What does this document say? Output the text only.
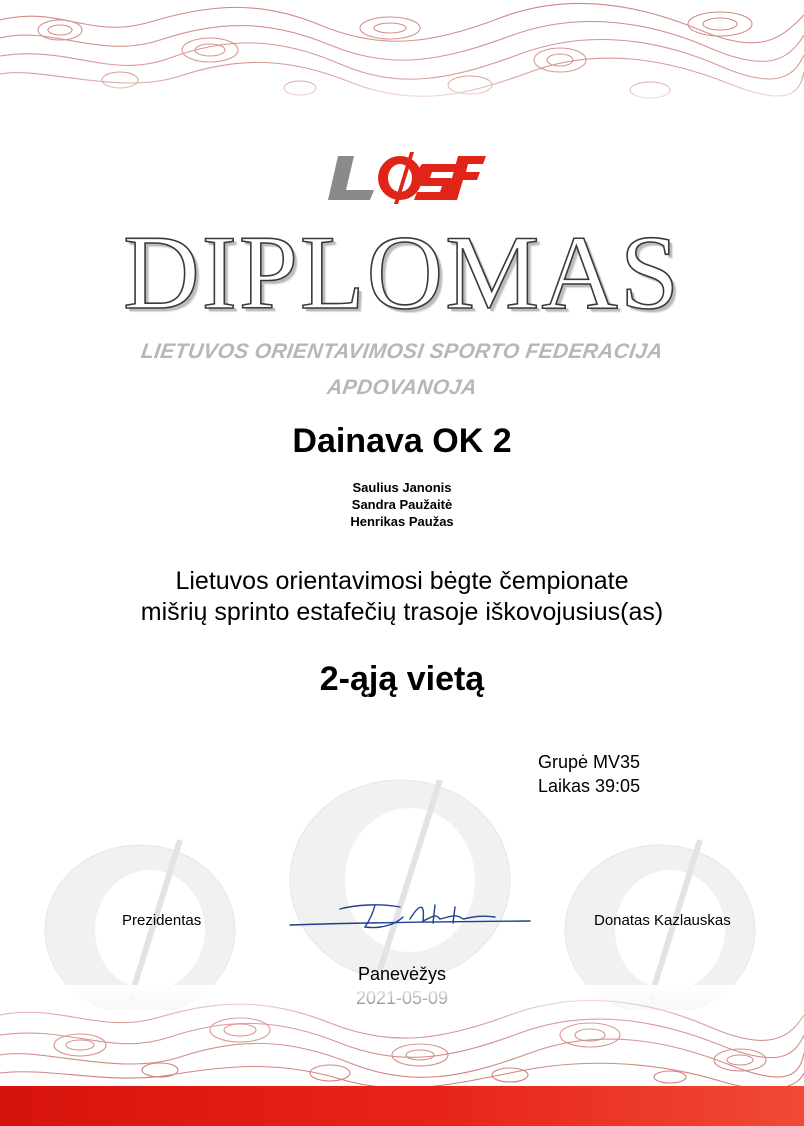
DIPLOMAS
LIETUVOS ORIENTAVIMOSI SPORTO FEDERACIJA
APDOVANOJA
Dainava OK 2
Saulius Janonis
Sandra Paužaitė
Henrikas Paužas
Lietuvos orientavimosi bėgte čempionate
mišrių sprinto estafečių trasoje iškovojusius(as)
2-ąją vietą
Grupė MV35
Laikas 39:05
Prezidentas	Donatas Kazlauskas
Panevėžys
